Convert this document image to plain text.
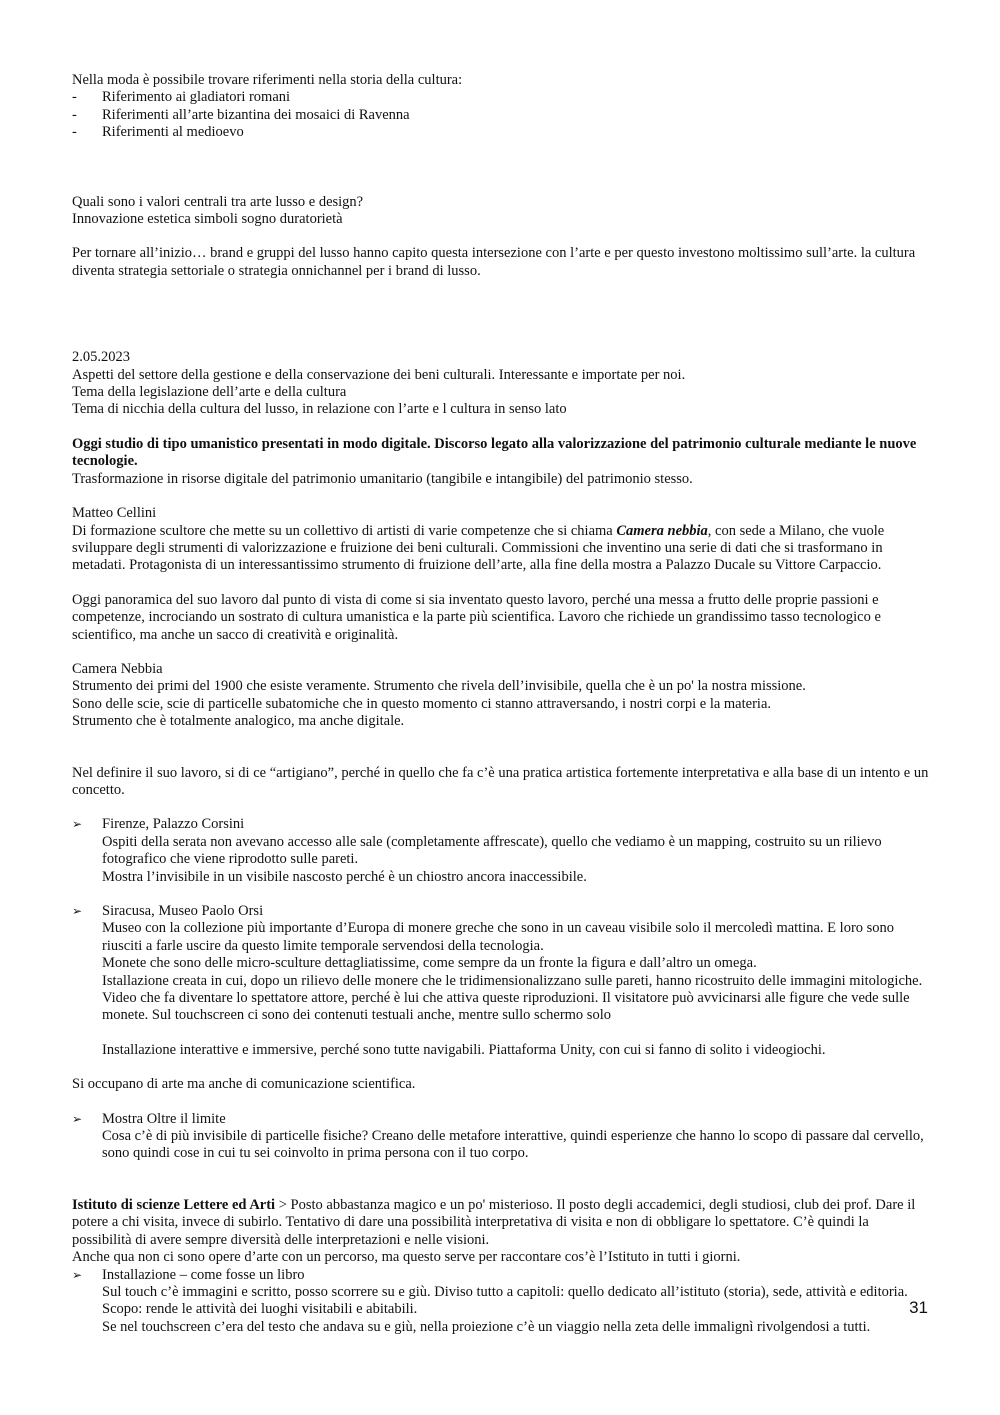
Nella moda è possibile trovare riferimenti nella storia della cultura:

- Riferimento ai gladiatori romani
- Riferimenti all’arte bizantina dei mosaici di Ravenna
- Riferimenti al medioevo

Quali sono i valori centrali tra arte lusso e design?

Innovazione estetica simboli sogno duratorietà

Per tornare all’inizio… brand e gruppi del lusso hanno capito questa intersezione con l’arte e per questo investono moltissimo sull’arte. la cultura diventa strategia settoriale o strategia onnichannel per i brand di lusso.

2.05.2023

Aspetti del settore della gestione e della conservazione dei beni culturali. Interessante e importate per noi.

Tema della legislazione dell’arte e della cultura

Tema di nicchia della cultura del lusso, in relazione con l’arte e l cultura in senso lato

Oggi studio di tipo umanistico presentati in modo digitale. Discorso legato alla valorizzazione del patrimonio culturale mediante le nuove tecnologie.

Trasformazione in risorse digitale del patrimonio umanitario (tangibile e intangibile) del patrimonio stesso.

Matteo Cellini

Di formazione scultore che mette su un collettivo di artisti di varie competenze che si chiama Camera nebbia, con sede a Milano, che vuole sviluppare degli strumenti di valorizzazione e fruizione dei beni culturali. Commissioni che inventino una serie di dati che si trasformano in metadati. Protagonista di un interessantissimo strumento di fruizione dell’arte, alla fine della mostra a Palazzo Ducale su Vittore Carpaccio.

Oggi panoramica del suo lavoro dal punto di vista di come si sia inventato questo lavoro, perché una messa a frutto delle proprie passioni e competenze, incrociando un sostrato di cultura umanistica e la parte più scientifica. Lavoro che richiede un grandissimo tasso tecnologico e scientifico, ma anche un sacco di creatività e originalità.

Camera Nebbia

Strumento dei primi del 1900 che esiste veramente. Strumento che rivela dell’invisibile, quella che è un po' la nostra missione.

Sono delle scie, scie di particelle subatomiche che in questo momento ci stanno attraversando, i nostri corpi e la materia.

Strumento che è totalmente analogico, ma anche digitale.

Nel definire il suo lavoro, si di ce “artigiano”, perché in quello che fa c’è una pratica artistica fortemente interpretativa e alla base di un intento e un concetto.

➢ Firenze, Palazzo Corsini

Ospiti della serata non avevano accesso alle sale (completamente affrescate), quello che vediamo è un mapping, costruito su un rilievo fotografico che viene riprodotto sulle pareti.

Mostra l’invisibile in un visibile nascosto perché è un chiostro ancora inaccessibile.

➢ Siracusa, Museo Paolo Orsi

Museo con la collezione più importante d’Europa di monere greche che sono in un caveau visibile solo il mercoledì mattina. E loro sono riusciti a farle uscire da questo limite temporale servendosi della tecnologia.

Monete che sono delle micro-sculture dettagliatissime, come sempre da un fronte la figura e dall’altro un omega.

Istallazione creata in cui, dopo un rilievo delle monere che le tridimensionalizzano sulle pareti, hanno ricostruito delle immagini mitologiche. Video che fa diventare lo spettatore attore, perché è lui che attiva queste riproduzioni. Il visitatore può avvicinarsi alle figure che vede sulle monete. Sul touchscreen ci sono dei contenuti testuali anche, mentre sullo schermo solo

Installazione interattive e immersive, perché sono tutte navigabili. Piattaforma Unity, con cui si fanno di solito i videogiochi.

Si occupano di arte ma anche di comunicazione scientifica.

➢ Mostra Oltre il limite

Cosa c’è di più invisibile di particelle fisiche? Creano delle metafore interattive, quindi esperienze che hanno lo scopo di passare dal cervello, sono quindi cose in cui tu sei coinvolto in prima persona con il tuo corpo.

Istituto di scienze Lettere ed Arti > Posto abbastanza magico e un po' misterioso. Il posto degli accademici, degli studiosi, club dei prof. Dare il potere a chi visita, invece di subirlo. Tentativo di dare una possibilità interpretativa di visita e non di obbligare lo spettatore. C’è quindi la possibilità di avere sempre diversità delle interpretazioni e nelle visioni.

Anche qua non ci sono opere d’arte con un percorso, ma questo serve per raccontare cos’è l’Istituto in tutti i giorni.

➢ Installazione – come fosse un libro

Sul touch c’è immagini e scritto, posso scorrere su e giù. Diviso tutto a capitoli: quello dedicato all’istituto (storia), sede, attività e editoria. Scopo: rende le attività dei luoghi visitabili e abitabili.

Se nel touchscreen c’era del testo che andava su e giù, nella proiezione c’è un viaggio nella zeta delle immalignì rivolgendosi a tutti.

31
